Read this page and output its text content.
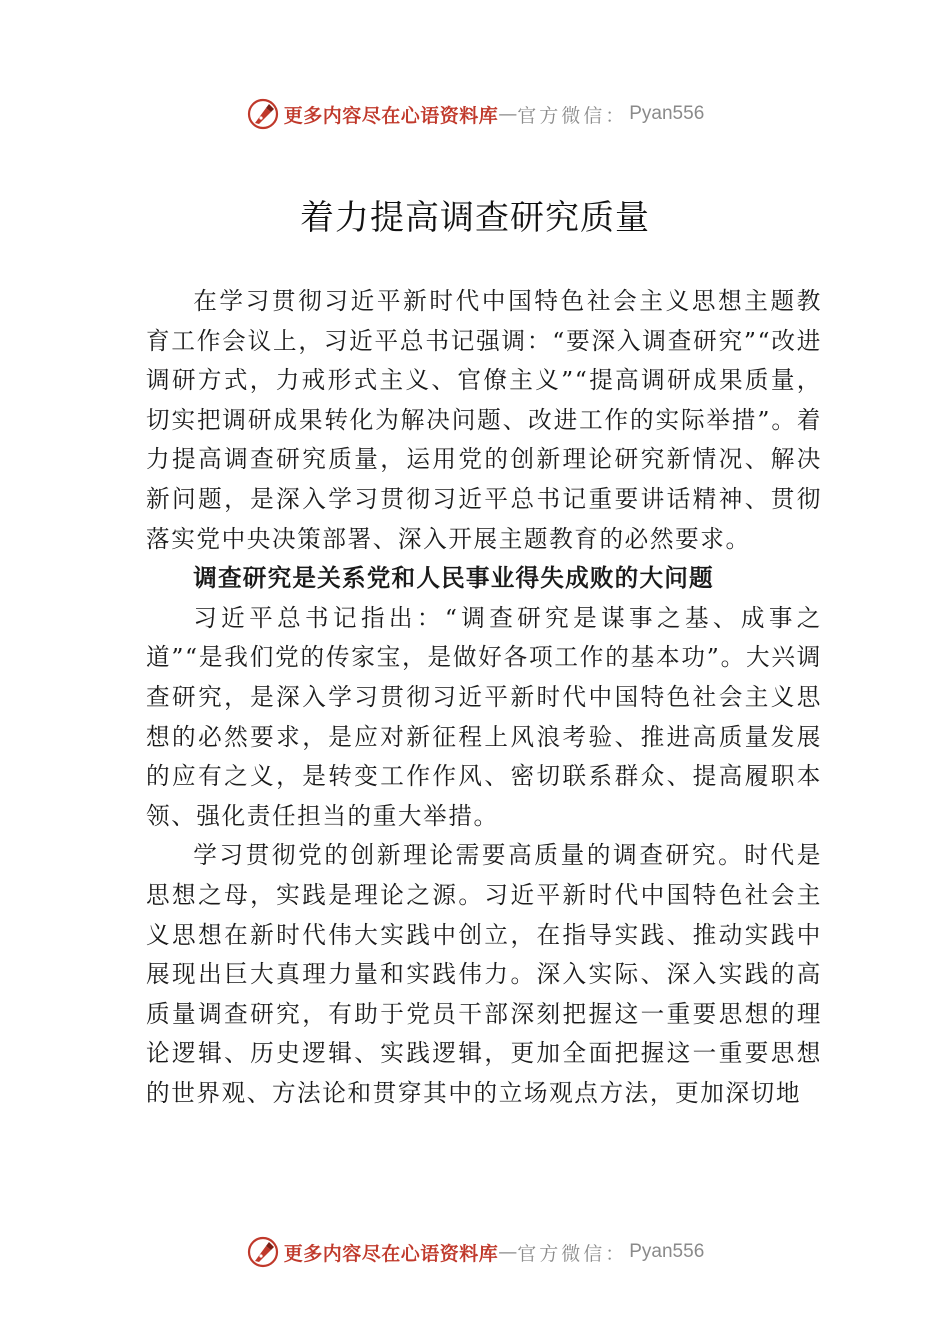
更多内容尽在心语资料库 — 官方微信： Pyan556
着力提高调查研究质量

在学习贯彻习近平新时代中国特色社会主义思想主题教育工作会议上，习近平总书记强调：“要深入调查研究”“改进调研方式，力戒形式主义、官僚主义”“提高调研成果质量，切实把调研成果转化为解决问题、改进工作的实际举措”。着力提高调查研究质量，运用党的创新理论研究新情况、解决新问题，是深入学习贯彻习近平总书记重要讲话精神、贯彻落实党中央决策部署、深入开展主题教育的必然要求。

调查研究是关系党和人民事业得失成败的大问题

习近平总书记指出：“调查研究是谋事之基、成事之道”“是我们党的传家宝，是做好各项工作的基本功”。大兴调查研究，是深入学习贯彻习近平新时代中国特色社会主义思想的必然要求，是应对新征程上风浪考验、推进高质量发展的应有之义，是转变工作作风、密切联系群众、提高履职本领、强化责任担当的重大举措。

学习贯彻党的创新理论需要高质量的调查研究。时代是思想之母，实践是理论之源。习近平新时代中国特色社会主义思想在新时代伟大实践中创立，在指导实践、推动实践中展现出巨大真理力量和实践伟力。深入实际、深入实践的高质量调查研究，有助于党员干部深刻把握这一重要思想的理论逻辑、历史逻辑、实践逻辑，更加全面把握这一重要思想的世界观、方法论和贯穿其中的立场观点方法，更加深切地

更多内容尽在心语资料库 — 官方微信： Pyan556
